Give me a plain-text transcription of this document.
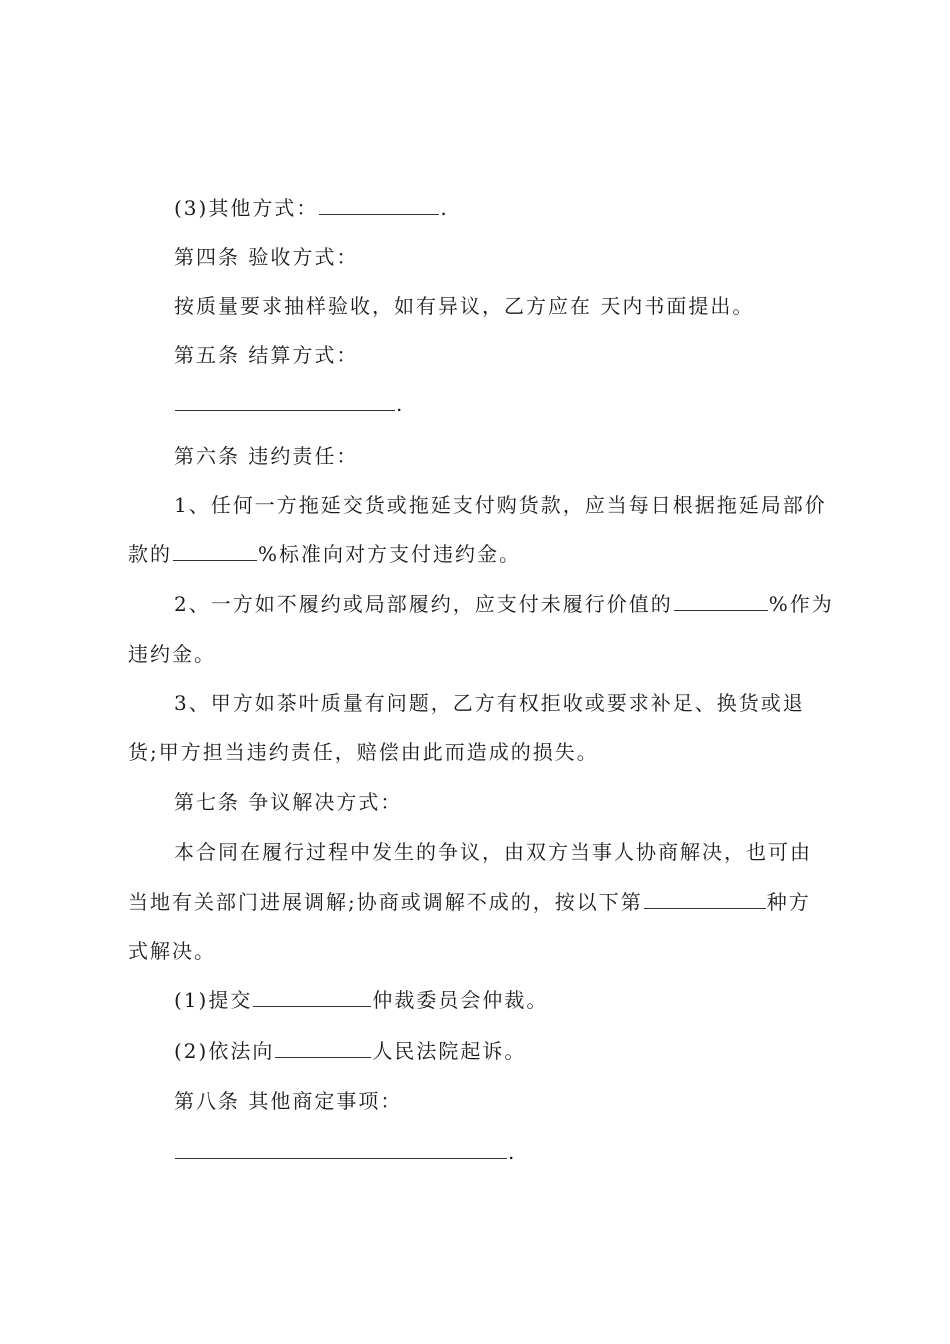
(3)其他方式：	.
第四条 验收方式：
按质量要求抽样验收，如有异议，乙方应在 天内书面提出。
第五条 结算方式：
.
第六条 违约责任：
1、任何一方拖延交货或拖延支付购货款，应当每日根据拖延局部价
款的	%标准向对方支付违约金。
2、一方如不履约或局部履约，应支付未履行价值的	%作为
违约金。
3、甲方如茶叶质量有问题，乙方有权拒收或要求补足、换货或退
货;甲方担当违约责任，赔偿由此而造成的损失。
第七条 争议解决方式：
本合同在履行过程中发生的争议，由双方当事人协商解决，也可由
当地有关部门进展调解;协商或调解不成的，按以下第	种方
式解决。
(1)提交	仲裁委员会仲裁。
(2)依法向	人民法院起诉。
第八条 其他商定事项：
.
